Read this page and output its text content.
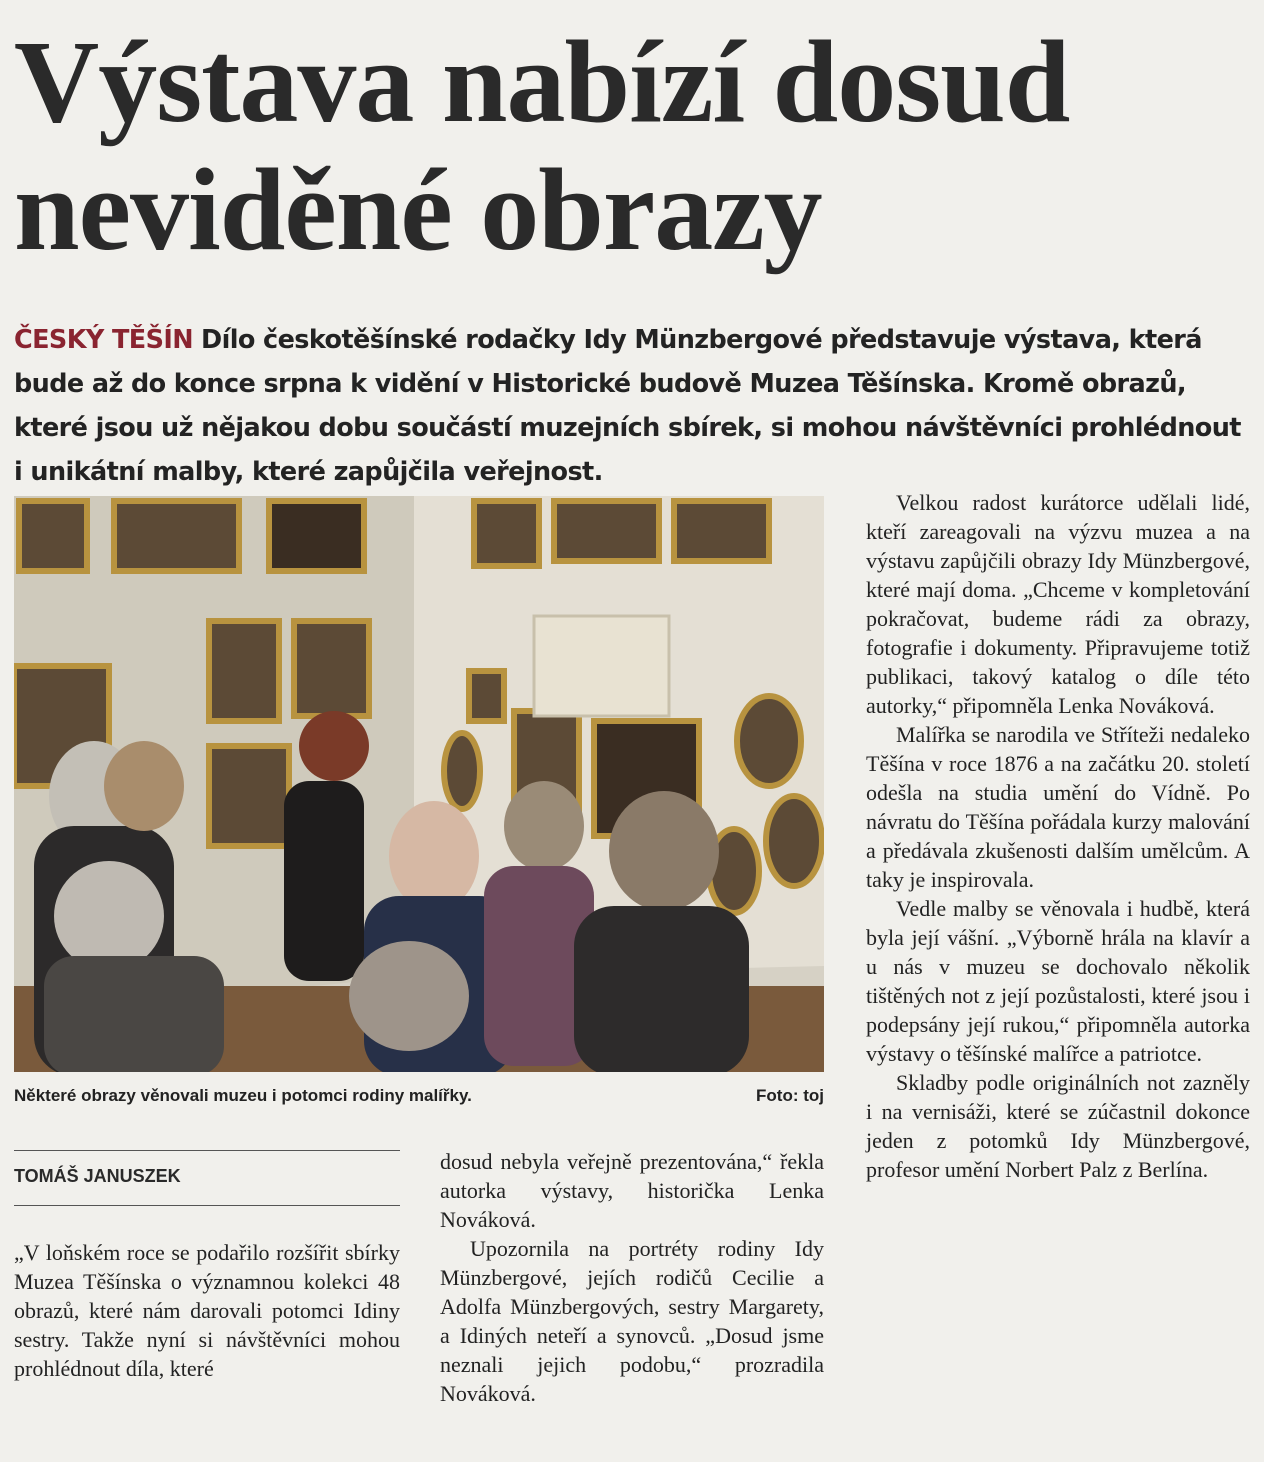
Výstava nabízí dosud neviděné obrazy

ČESKÝ TĚŠÍN Dílo českotěšínské rodačky Idy Münzbergové představuje výstava, která bude až do konce srpna k vidění v Historické budově Muzea Těšínska. Kromě obrazů, které jsou už nějakou dobu součástí muzejních sbírek, si mohou návštěvníci prohlédnout i unikátní malby, které zapůjčila veřejnost.

Některé obrazy věnovali muzeu i potomci rodiny malířky.	Foto: toj

TOMÁŠ JANUSZEK

„V loňském roce se podařilo rozšířit sbírky Muzea Těšínska o významnou kolekci 48 obrazů, které nám darovali potomci Idiny sestry. Takže nyní si návštěvníci mohou prohlédnout díla, které

dosud nebyla veřejně prezentována,“ řekla autorka výstavy, historička Lenka Nováková.

Upozornila na portréty rodiny Idy Münzbergové, jejích rodičů Cecilie a Adolfa Münzbergových, sestry Margarety, a Idiných neteří a synovců. „Dosud jsme neznali jejich podobu,“ prozradila Nováková.

Velkou radost kurátorce udělali lidé, kteří zareagovali na výzvu muzea a na výstavu zapůjčili obrazy Idy Münzbergové, které mají doma. „Chceme v kompletování pokračovat, budeme rádi za obrazy, fotografie i dokumenty. Připravujeme totiž publikaci, takový katalog o díle této autorky,“ připomněla Lenka Nováková.

Malířka se narodila ve Stříteži nedaleko Těšína v roce 1876 a na začátku 20. století odešla na studia umění do Vídně. Po návratu do Těšína pořádala kurzy malování a předávala zkušenosti dalším umělcům. A taky je inspirovala.

Vedle malby se věnovala i hudbě, která byla její vášní. „Výborně hrála na klavír a u nás v muzeu se dochovalo několik tištěných not z její pozůstalosti, které jsou i podepsány její rukou,“ připomněla autorka výstavy o těšínské malířce a patriotce.

Skladby podle originálních not zazněly i na vernisáži, které se zúčastnil dokonce jeden z potomků Idy Münzbergové, profesor umění Norbert Palz z Berlína.
